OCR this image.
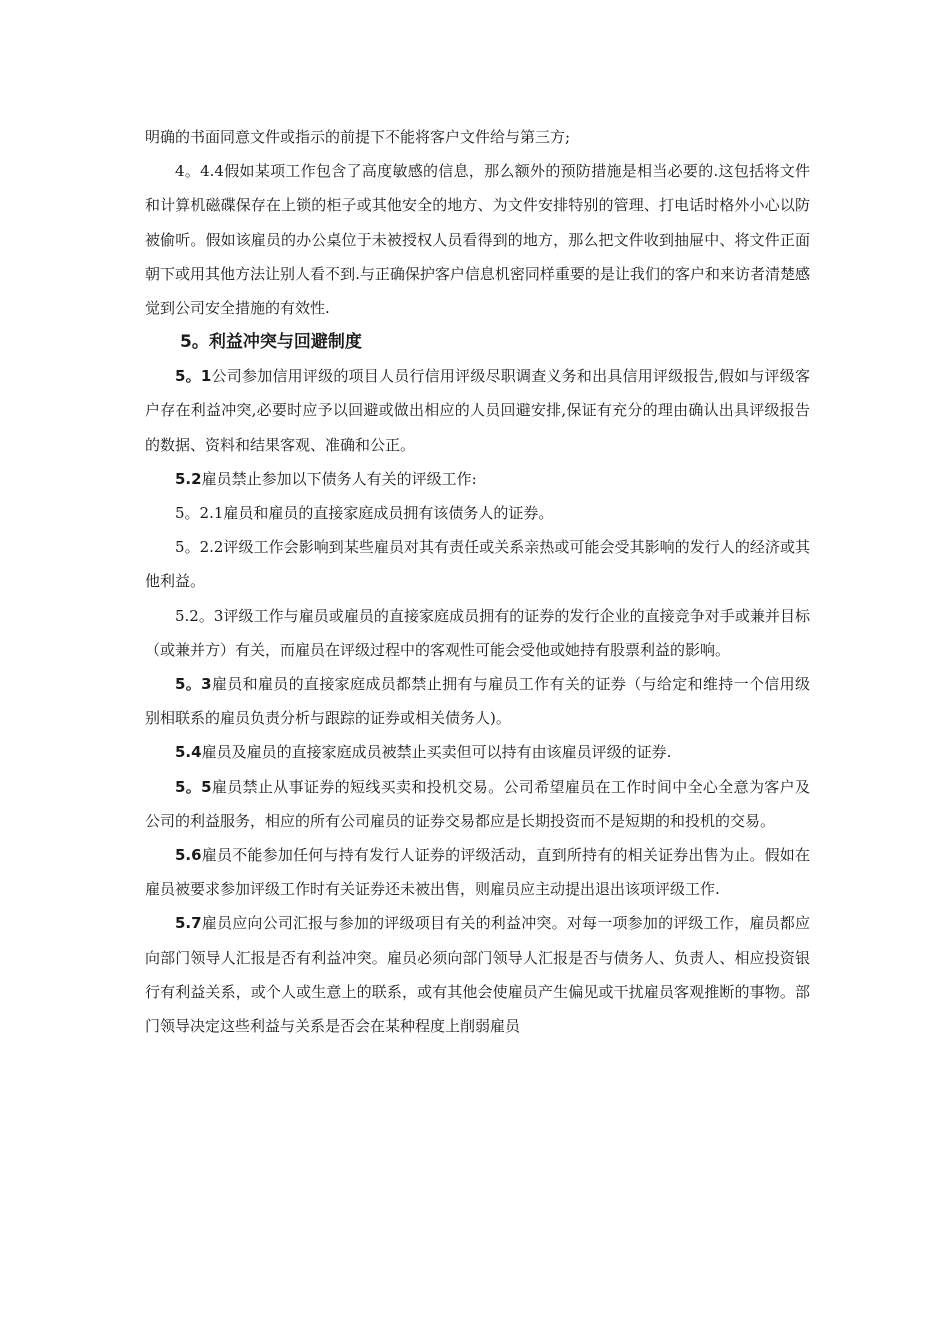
明确的书面同意文件或指示的前提下不能将客户文件给与第三方;

4。4.4假如某项工作包含了高度敏感的信息，那么额外的预防措施是相当必要的.这包括将文件和计算机磁碟保存在上锁的柜子或其他安全的地方、为文件安排特别的管理、打电话时格外小心以防被偷听。假如该雇员的办公桌位于未被授权人员看得到的地方，那么把文件收到抽屉中、将文件正面朝下或用其他方法让别人看不到.与正确保护客户信息机密同样重要的是让我们的客户和来访者清楚感觉到公司安全措施的有效性.

5。利益冲突与回避制度

5。1公司参加信用评级的项目人员行信用评级尽职调查义务和出具信用评级报告,假如与评级客户存在利益冲突,必要时应予以回避或做出相应的人员回避安排,保证有充分的理由确认出具评级报告的数据、资料和结果客观、准确和公正。

5.2雇员禁止参加以下债务人有关的评级工作:

5。2.1雇员和雇员的直接家庭成员拥有该债务人的证券。

5。2.2评级工作会影响到某些雇员对其有责任或关系亲热或可能会受其影响的发行人的经济或其他利益。

5.2。3评级工作与雇员或雇员的直接家庭成员拥有的证券的发行企业的直接竞争对手或兼并目标（或兼并方）有关，而雇员在评级过程中的客观性可能会受他或她持有股票利益的影响。

5。3雇员和雇员的直接家庭成员都禁止拥有与雇员工作有关的证券（与给定和维持一个信用级别相联系的雇员负责分析与跟踪的证券或相关债务人)。

5.4雇员及雇员的直接家庭成员被禁止买卖但可以持有由该雇员评级的证券.

5。5雇员禁止从事证券的短线买卖和投机交易。公司希望雇员在工作时间中全心全意为客户及公司的利益服务，相应的所有公司雇员的证券交易都应是长期投资而不是短期的和投机的交易。

5.6雇员不能参加任何与持有发行人证券的评级活动，直到所持有的相关证券出售为止。假如在雇员被要求参加评级工作时有关证券还未被出售，则雇员应主动提出退出该项评级工作.

5.7雇员应向公司汇报与参加的评级项目有关的利益冲突。对每一项参加的评级工作，雇员都应向部门领导人汇报是否有利益冲突。雇员必须向部门领导人汇报是否与债务人、负责人、相应投资银行有利益关系，或个人或生意上的联系，或有其他会使雇员产生偏见或干扰雇员客观推断的事物。部门领导决定这些利益与关系是否会在某种程度上削弱雇员
